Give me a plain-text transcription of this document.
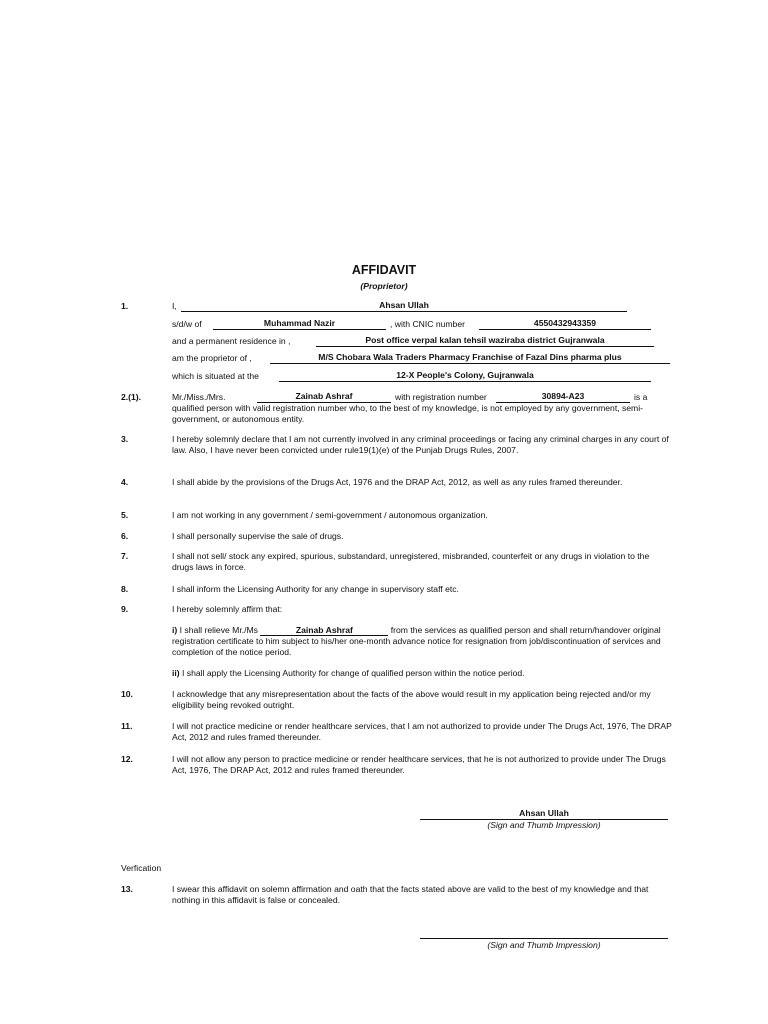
AFFIDAVIT
(Proprietor)
1.	I,	Ahsan Ullah
s/d/w of	Muhammad Nazir	, with CNIC number	4550432943359
and a permanent residence in ,	Post office verpal kalan tehsil waziraba district Gujranwala
am the proprietor of ,	M/S Chobara Wala Traders Pharmacy Franchise of Fazal Dins pharma plus
which is situated at the	12-X People's Colony, Gujranwala
2.(1).	Mr./Miss./Mrs.	Zainab Ashraf	with registration number	30894-A23	is a
qualified person with valid registration number who, to the best of my knowledge, is not employed by any government, semi-government, or autonomous entity.
3.	I hereby solemnly declare that I am not currently involved in any criminal proceedings or facing any criminal charges in any court of law. Also, I have never been convicted under rule19(1)(e) of the Punjab Drugs Rules, 2007.
4.	I shall abide by the provisions of the Drugs Act, 1976 and the DRAP Act, 2012, as well as any rules framed thereunder.
5.	I am not working in any government / semi-government / autonomous organization.
6.	I shall personally supervise the sale of drugs.
7.	I shall not sell/ stock any expired, spurious, substandard, unregistered, misbranded, counterfeit or any drugs in violation to the drugs laws in force.
8.	I shall inform the Licensing Authority for any change in supervisory staff etc.
9.	I hereby solemnly affirm that:
i) I shall relieve Mr./Ms	Zainab Ashraf	from the services as qualified person and shall return/handover original registration certificate to him subject to his/her one-month advance notice for resignation from job/discontinuation of services and completion of the notice period.
ii) I shall apply the Licensing Authority for change of qualified person within the notice period.
10.	I acknowledge that any misrepresentation about the facts of the above would result in my application being rejected and/or my eligibility being revoked outright.
11.	I will not practice medicine or render healthcare services, that I am not authorized to provide under The Drugs Act, 1976, The DRAP Act, 2012 and rules framed thereunder.
12.	I will not allow any person to practice medicine or render healthcare services, that he is not authorized to provide under The Drugs Act, 1976, The DRAP Act, 2012 and rules framed thereunder.
Ahsan Ullah
(Sign and Thumb Impression)
Verfication
13.	I swear this affidavit on solemn affirmation and oath that the facts stated above are valid to the best of my knowledge and that nothing in this affidavit is false or concealed.
(Sign and Thumb Impression)
